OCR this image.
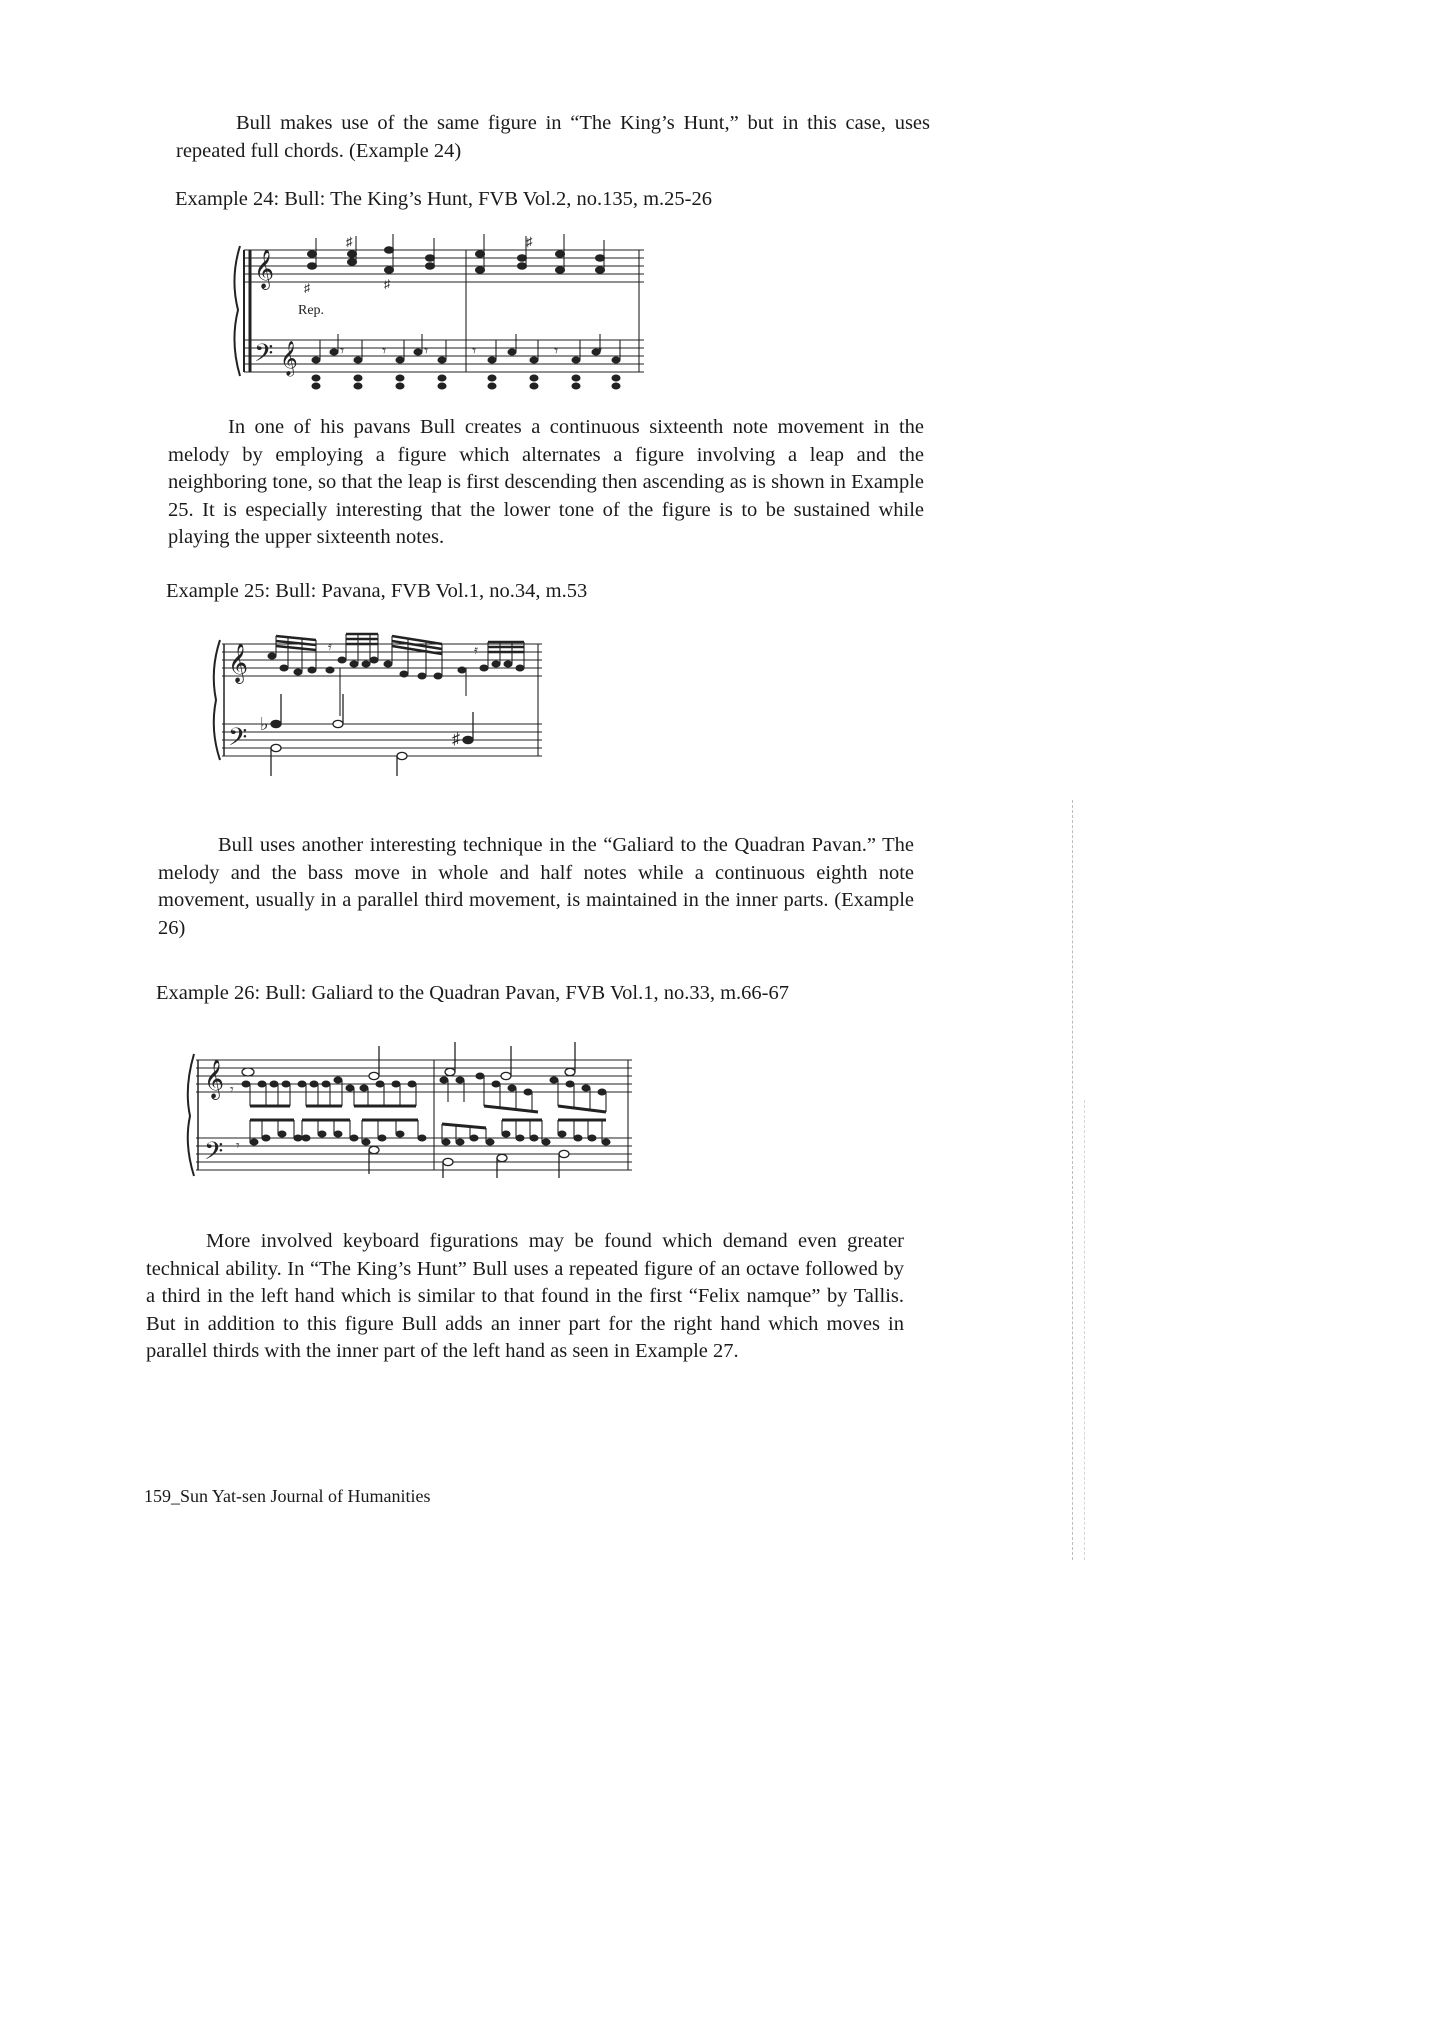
Bull makes use of the same figure in “The King’s Hunt,” but in this case, uses repeated full chords. (Example 24)

Example 24: Bull: The King’s Hunt, FVB Vol.2, no.135, m.25-26
𝄞
𝄢 𝄞
Rep.
♯	♯
♯	♯
𝄾 𝄾 𝄾	𝄾	𝄾 𝄾

In one of his pavans Bull creates a continuous sixteenth note movement in the melody by employing a figure which alternates a figure involving a leap and the neighboring tone, so that the leap is first descending then ascending as is shown in Example 25. It is especially interesting that the lower tone of the figure is to be sustained while playing the upper sixteenth notes.

Example 25: Bull: Pavana, FVB Vol.1, no.34, m.53
𝄞
𝄢
𝄿	𝄿
♭
♯

Bull uses another interesting technique in the “Galiard to the Quadran Pavan.” The melody and the bass move in whole and half notes while a continuous eighth note movement, usually in a parallel third movement, is maintained in the inner parts. (Example 26)

Example 26: Bull: Galiard to the Quadran Pavan, FVB Vol.1, no.33, m.66-67
𝄞
𝄢
𝄾
𝄾

More involved keyboard figurations may be found which demand even greater technical ability. In “The King’s Hunt” Bull uses a repeated figure of an octave followed by a third in the left hand which is similar to that found in the first “Felix namque” by Tallis. But in addition to this figure Bull adds an inner part for the right hand which moves in parallel thirds with the inner part of the left hand as seen in Example 27.

159_Sun Yat-sen Journal of Humanities
